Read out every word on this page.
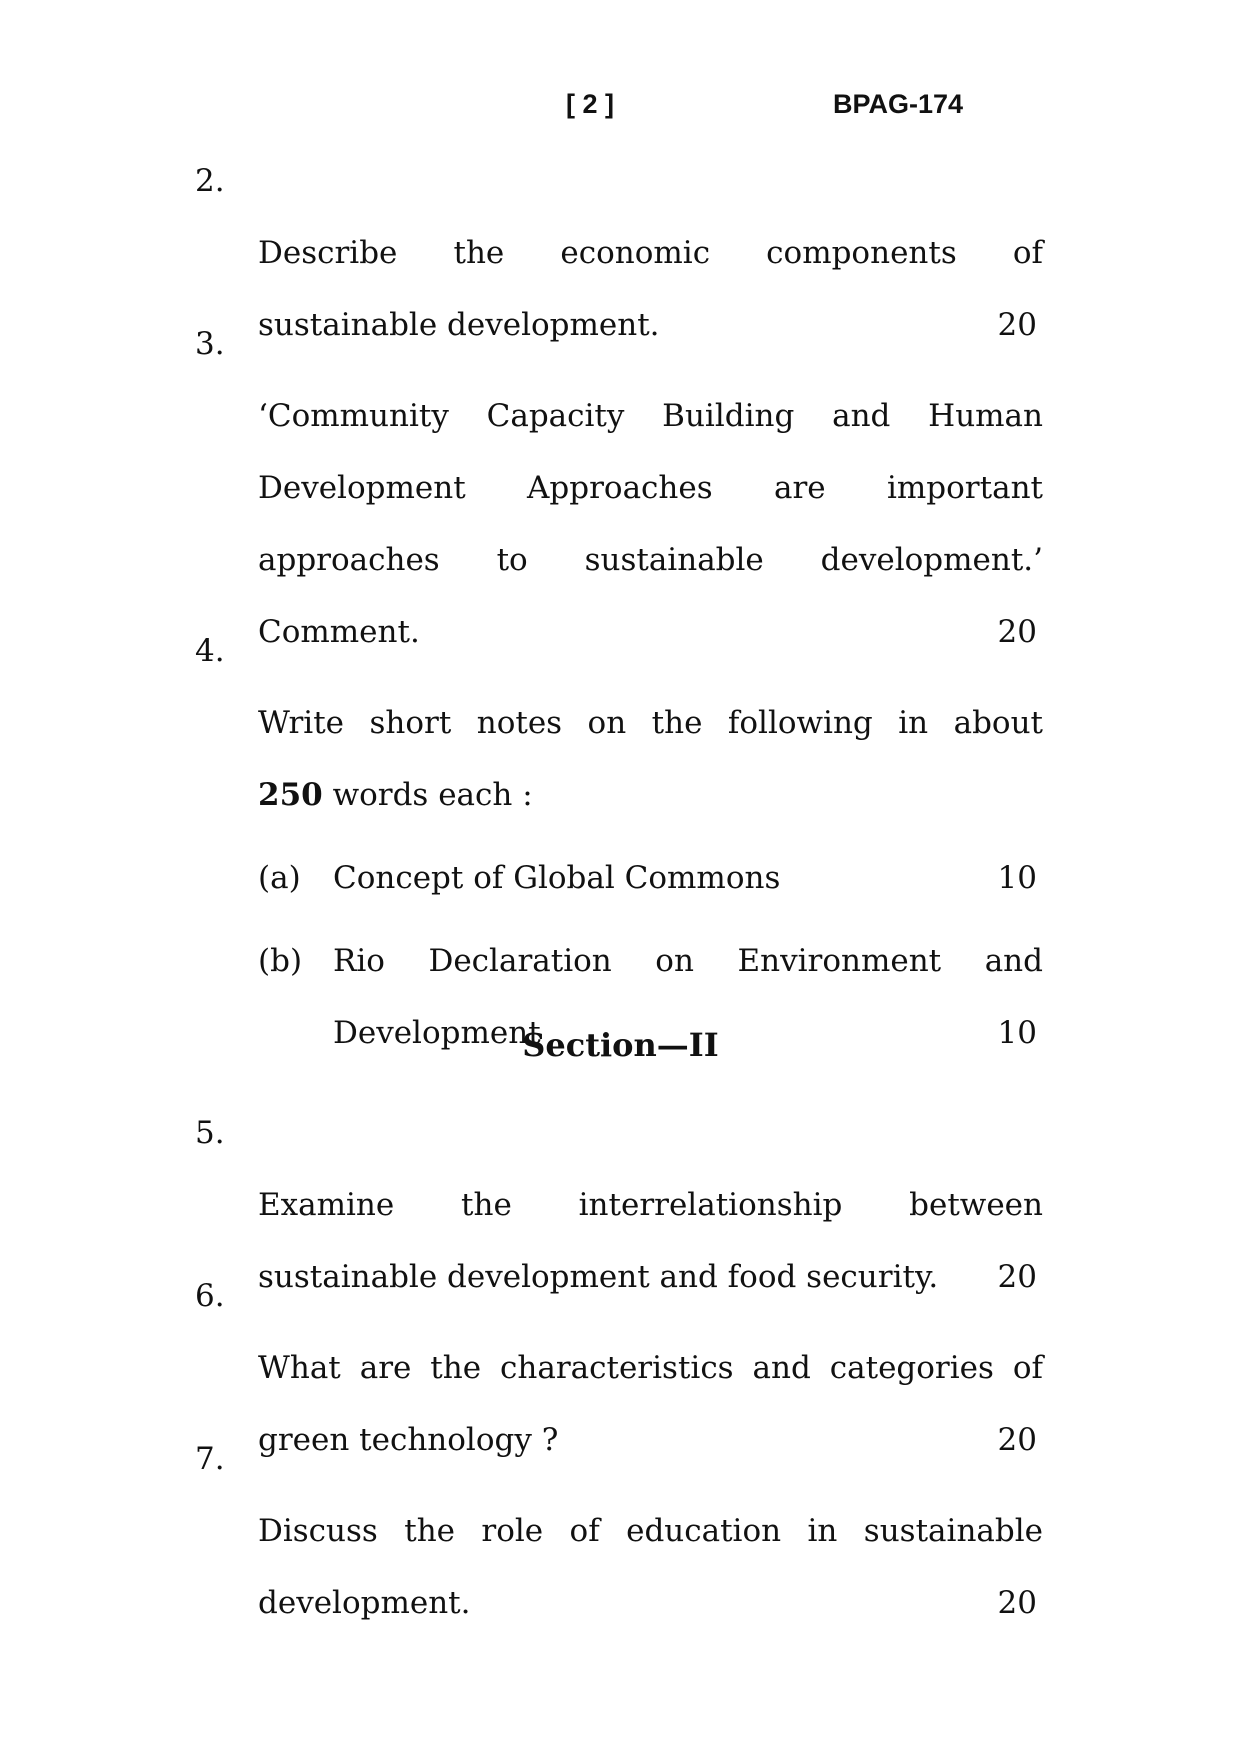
[ 2 ]	BPAG-174
2.
Describe the economic components of
sustainable development.	20
3.
‘Community Capacity Building and Human
Development Approaches are important
approaches to sustainable development.’
Comment.	20
4.
Write short notes on the following in about
250 words each :
(a) Concept of Global Commons	10
(b) Rio Declaration on Environment and
Development	10
Section—II
5.
Examine the interrelationship between
sustainable development and food security. 20
6.
What are the characteristics and categories of
green technology ?	20
7.
Discuss the role of education in sustainable
development.	20
